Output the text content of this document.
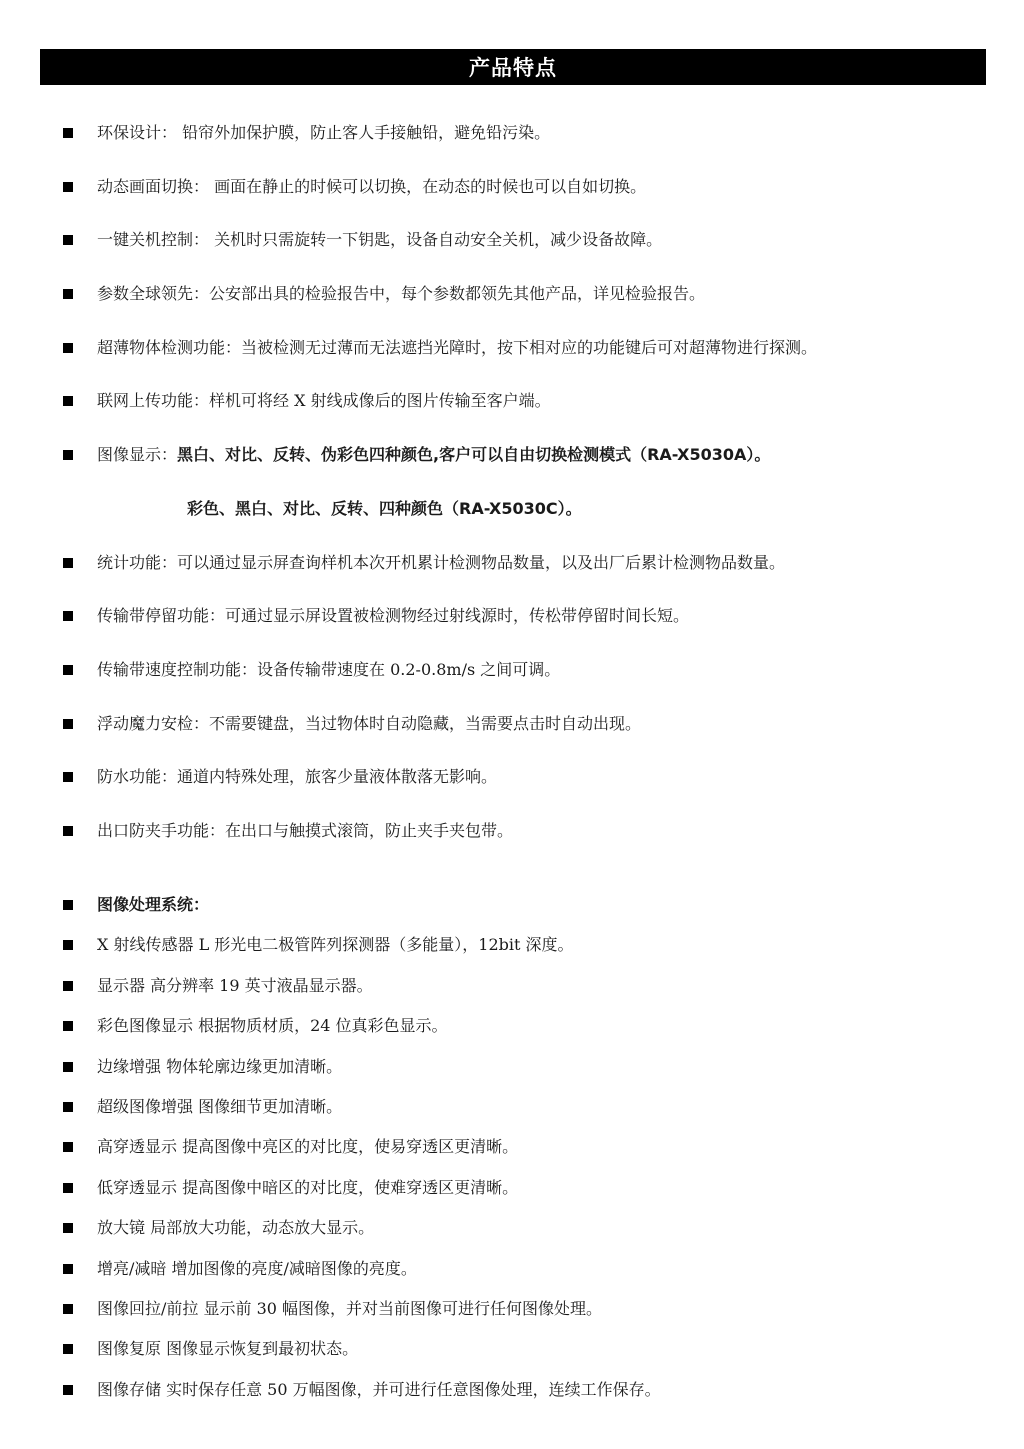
产品特点
环保设计： 铅帘外加保护膜，防止客人手接触铅，避免铅污染。
动态画面切换： 画面在静止的时候可以切换，在动态的时候也可以自如切换。
一键关机控制： 关机时只需旋转一下钥匙，设备自动安全关机，减少设备故障。
参数全球领先：公安部出具的检验报告中，每个参数都领先其他产品，详见检验报告。
超薄物体检测功能：当被检测无过薄而无法遮挡光障时，按下相对应的功能键后可对超薄物进行探测。
联网上传功能：样机可将经 X 射线成像后的图片传输至客户端。
图像显示：黑白、对比、反转、伪彩色四种颜色,客户可以自由切换检测模式（RA-X5030A）。
彩色、黑白、对比、反转、四种颜色（RA-X5030C）。
统计功能：可以通过显示屏查询样机本次开机累计检测物品数量，以及出厂后累计检测物品数量。
传输带停留功能：可通过显示屏设置被检测物经过射线源时，传松带停留时间长短。
传输带速度控制功能：设备传输带速度在 0.2-0.8m/s 之间可调。
浮动魔力安检：不需要键盘，当过物体时自动隐藏，当需要点击时自动出现。
防水功能：通道内特殊处理，旅客少量液体散落无影响。
出口防夹手功能：在出口与触摸式滚筒，防止夹手夹包带。
图像处理系统：
X 射线传感器 L 形光电二极管阵列探测器（多能量），12bit 深度。
显示器 高分辨率 19 英寸液晶显示器。
彩色图像显示 根据物质材质，24 位真彩色显示。
边缘增强 物体轮廓边缘更加清晰。
超级图像增强 图像细节更加清晰。
高穿透显示 提高图像中亮区的对比度，使易穿透区更清晰。
低穿透显示 提高图像中暗区的对比度，使难穿透区更清晰。
放大镜 局部放大功能，动态放大显示。
增亮/减暗 增加图像的亮度/减暗图像的亮度。
图像回拉/前拉 显示前 30 幅图像，并对当前图像可进行任何图像处理。
图像复原 图像显示恢复到最初状态。
图像存储 实时保存任意 50 万幅图像，并可进行任意图像处理，连续工作保存。
